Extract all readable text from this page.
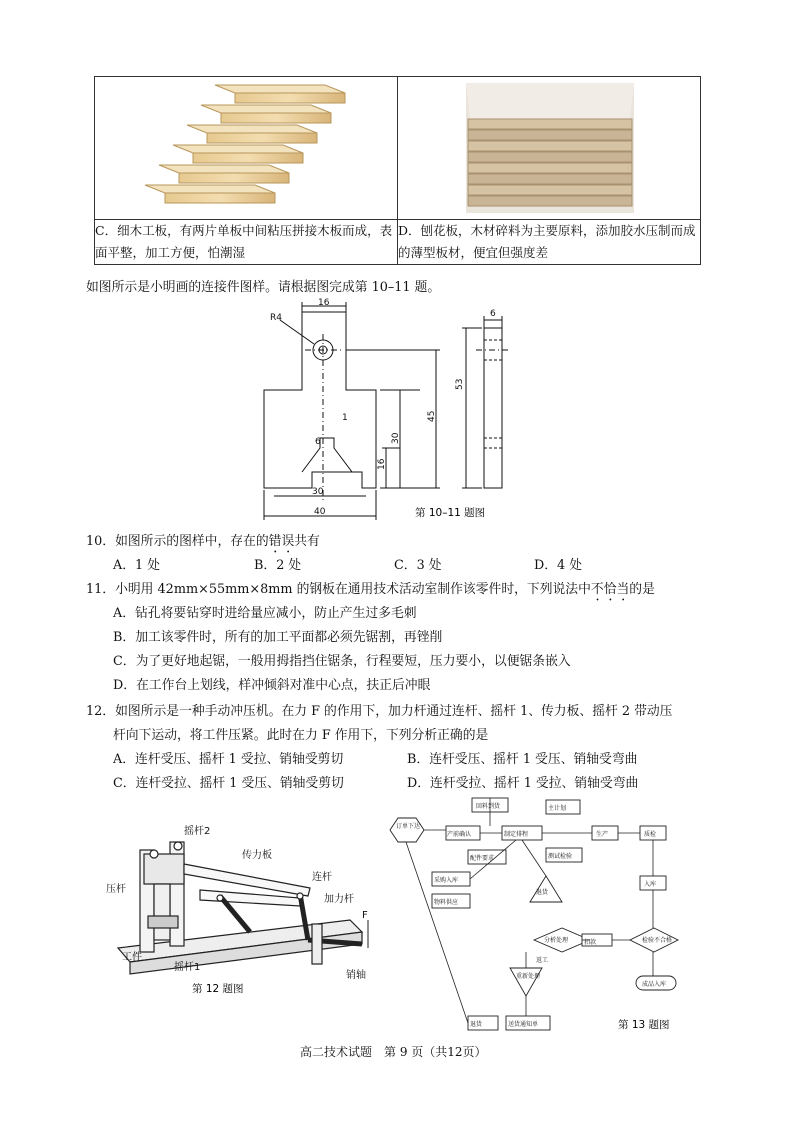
C．细木工板，有两片单板中间粘压拼接木板而成，表面平整，加工方便，怕潮湿	D．刨花板，木材碎料为主要原料，添加胶水压制而成的薄型板材，便宜但强度差
如图所示是小明画的连接件图样。请根据图完成第 10–11 题。
R4
16
6
1	45
53
30
16
30
40
6
第 10–11 题图
10．如图所示的图样中，存在的错误共有
A．1 处	B．2 处	C．3 处	D．4 处
11．小明用 42mm×55mm×8mm 的钢板在通用技术活动室制作该零件时，下列说法中不恰当的是
A．钻孔将要钻穿时进给量应减小，防止产生过多毛刺
B．加工该零件时，所有的加工平面都必须先锯割，再锉削
C．为了更好地起锯，一般用拇指挡住锯条，行程要短，压力要小，以便锯条嵌入
D．在工作台上划线，样冲倾斜对准中心点，扶正后冲眼
12．如图所示是一种手动冲压机。在力 F 的作用下，加力杆通过连杆、摇杆 1、传力板、摇杆 2 带动压
杆向下运动，将工件压紧。此时在力 F 作用下，下列分析正确的是
A．连杆受压、摇杆 1 受拉、销轴受剪切	B．连杆受压、摇杆 1 受压、销轴受弯曲
C．连杆受拉、摇杆 1 受压、销轴受剪切	D．连杆受拉、摇杆 1 受拉、销轴受弯曲
摇杆2
传力板
连杆
压杆
加力杆
F
工件
摇杆1
销轴
第 12 题图
订单下达
产前确认
回料到货
配件要求
采购入库
主计划
制定排程	生产
物料供应
测试检验
质检
入库
成品入库
检验不合格
分析处理
重新处理
退货	送货通知单
退货
扣款
返工
第 13 题图
高二技术试题　第 9 页（共12页）
